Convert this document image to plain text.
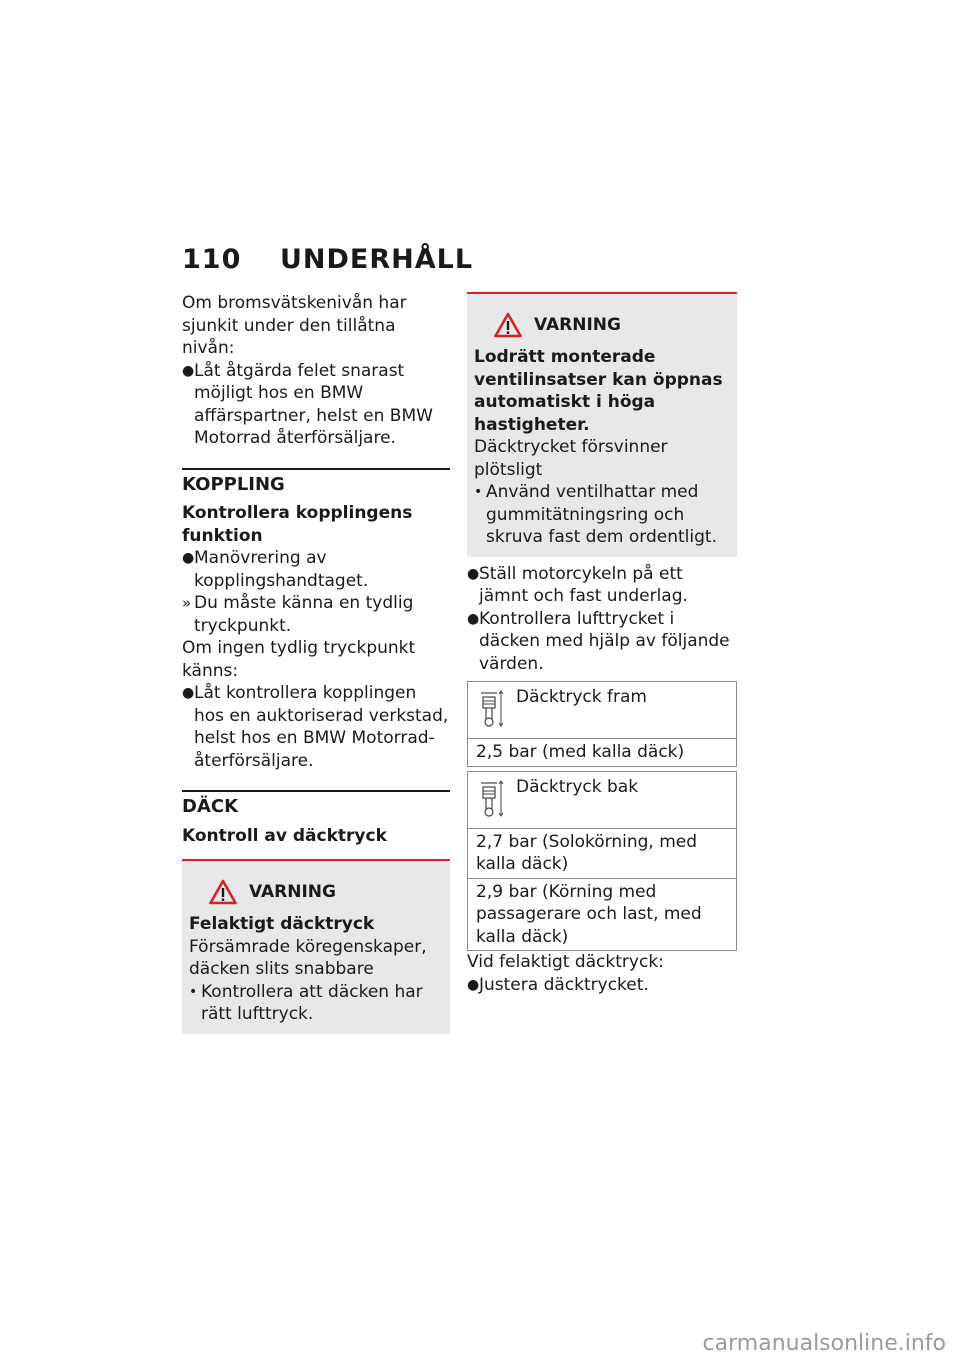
110 UNDERHÅLL

Om bromsvätskenivån har sjunkit under den tillåtna nivån:

● Låt åtgärda felet snarast möjligt hos en BMW affärspartner, helst en BMW Motorrad återförsäljare.
KOPPLING
Kontrollera kopplingens funktion
● Manövrering av kopplingshandtaget.
» Du måste känna en tydlig tryckpunkt.

Om ingen tydlig tryckpunkt känns:

● Låt kontrollera kopplingen hos en auktoriserad verkstad, helst hos en BMW Motorrad-återförsäljare.
DÄCK
Kontroll av däcktryck
VARNING

Felaktigt däcktryck

Försämrade köregenskaper, däcken slits snabbare

• Kontrollera att däcken har rätt lufttryck.
VARNING

Lodrätt monterade ventilinsatser kan öppnas automatiskt i höga hastigheter.

Däcktrycket försvinner plötsligt

• Använd ventilhattar med gummitätningsring och skruva fast dem ordentligt.
● Ställ motorcykeln på ett jämnt och fast underlag.
● Kontrollera lufttrycket i däcken med hjälp av följande värden.
Däcktryck fram
2,5 bar (med kalla däck)
Däcktryck bak
2,7 bar (Solokörning, med kalla däck)
2,9 bar (Körning med passagerare och last, med kalla däck)

Vid felaktigt däcktryck:

● Justera däcktrycket.
carmanualsonline.info
